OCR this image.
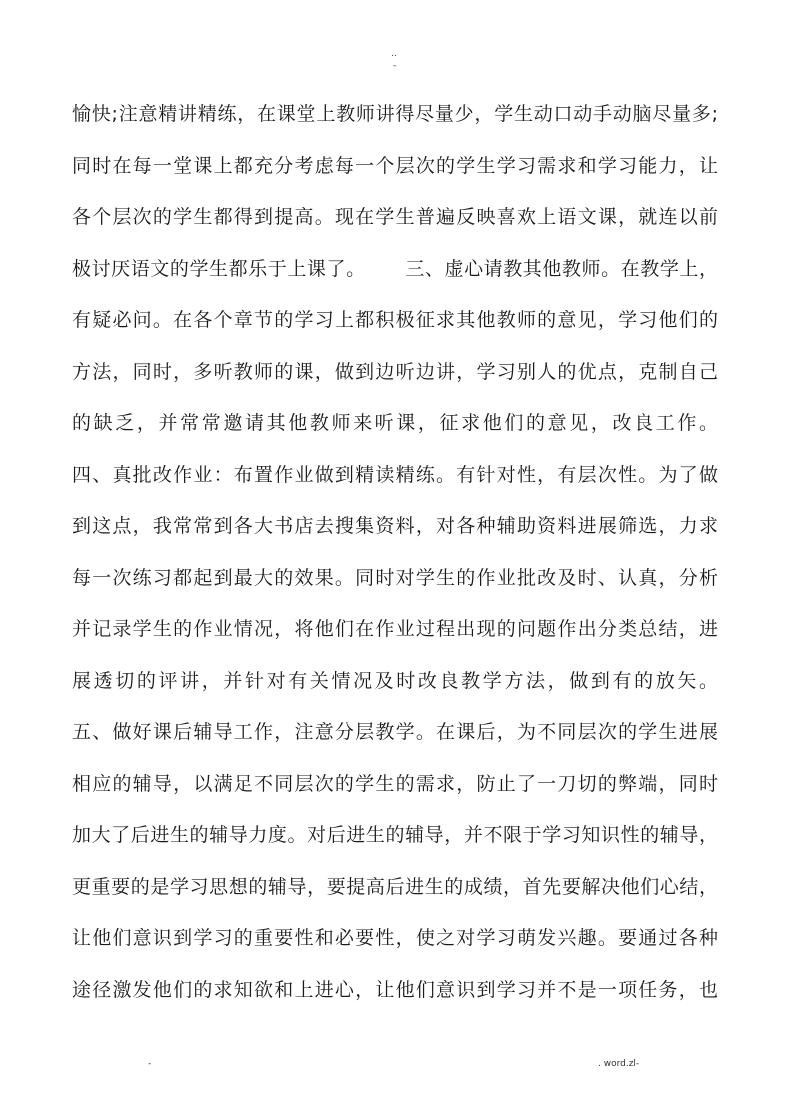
..
-
愉快;注意精讲精练，在课堂上教师讲得尽量少，学生动口动手动脑尽量多;
同时在每一堂课上都充分考虑每一个层次的学生学习需求和学习能力，让
各个层次的学生都得到提高。现在学生普遍反映喜欢上语文课，就连以前
极讨厌语文的学生都乐于上课了。      三、虚心请教其他教师。在教学上，
有疑必问。在各个章节的学习上都积极征求其他教师的意见，学习他们的
方法，同时，多听教师的课，做到边听边讲，学习别人的优点，克制自己
的缺乏，并常常邀请其他教师来听课，征求他们的意见，改良工作。
四、真批改作业：布置作业做到精读精练。有针对性，有层次性。为了做
到这点，我常常到各大书店去搜集资料，对各种辅助资料进展筛选，力求
每一次练习都起到最大的效果。同时对学生的作业批改及时、认真，分析
并记录学生的作业情况，将他们在作业过程出现的问题作出分类总结，进
展透切的评讲，并针对有关情况及时改良教学方法，做到有的放矢。
五、做好课后辅导工作，注意分层教学。在课后，为不同层次的学生进展
相应的辅导，以满足不同层次的学生的需求，防止了一刀切的弊端，同时
加大了后进生的辅导力度。对后进生的辅导，并不限于学习知识性的辅导，
更重要的是学习思想的辅导，要提高后进生的成绩，首先要解决他们心结，
让他们意识到学习的重要性和必要性，使之对学习萌发兴趣。要通过各种
途径激发他们的求知欲和上进心，让他们意识到学习并不是一项任务，也
-	. word.zl-
